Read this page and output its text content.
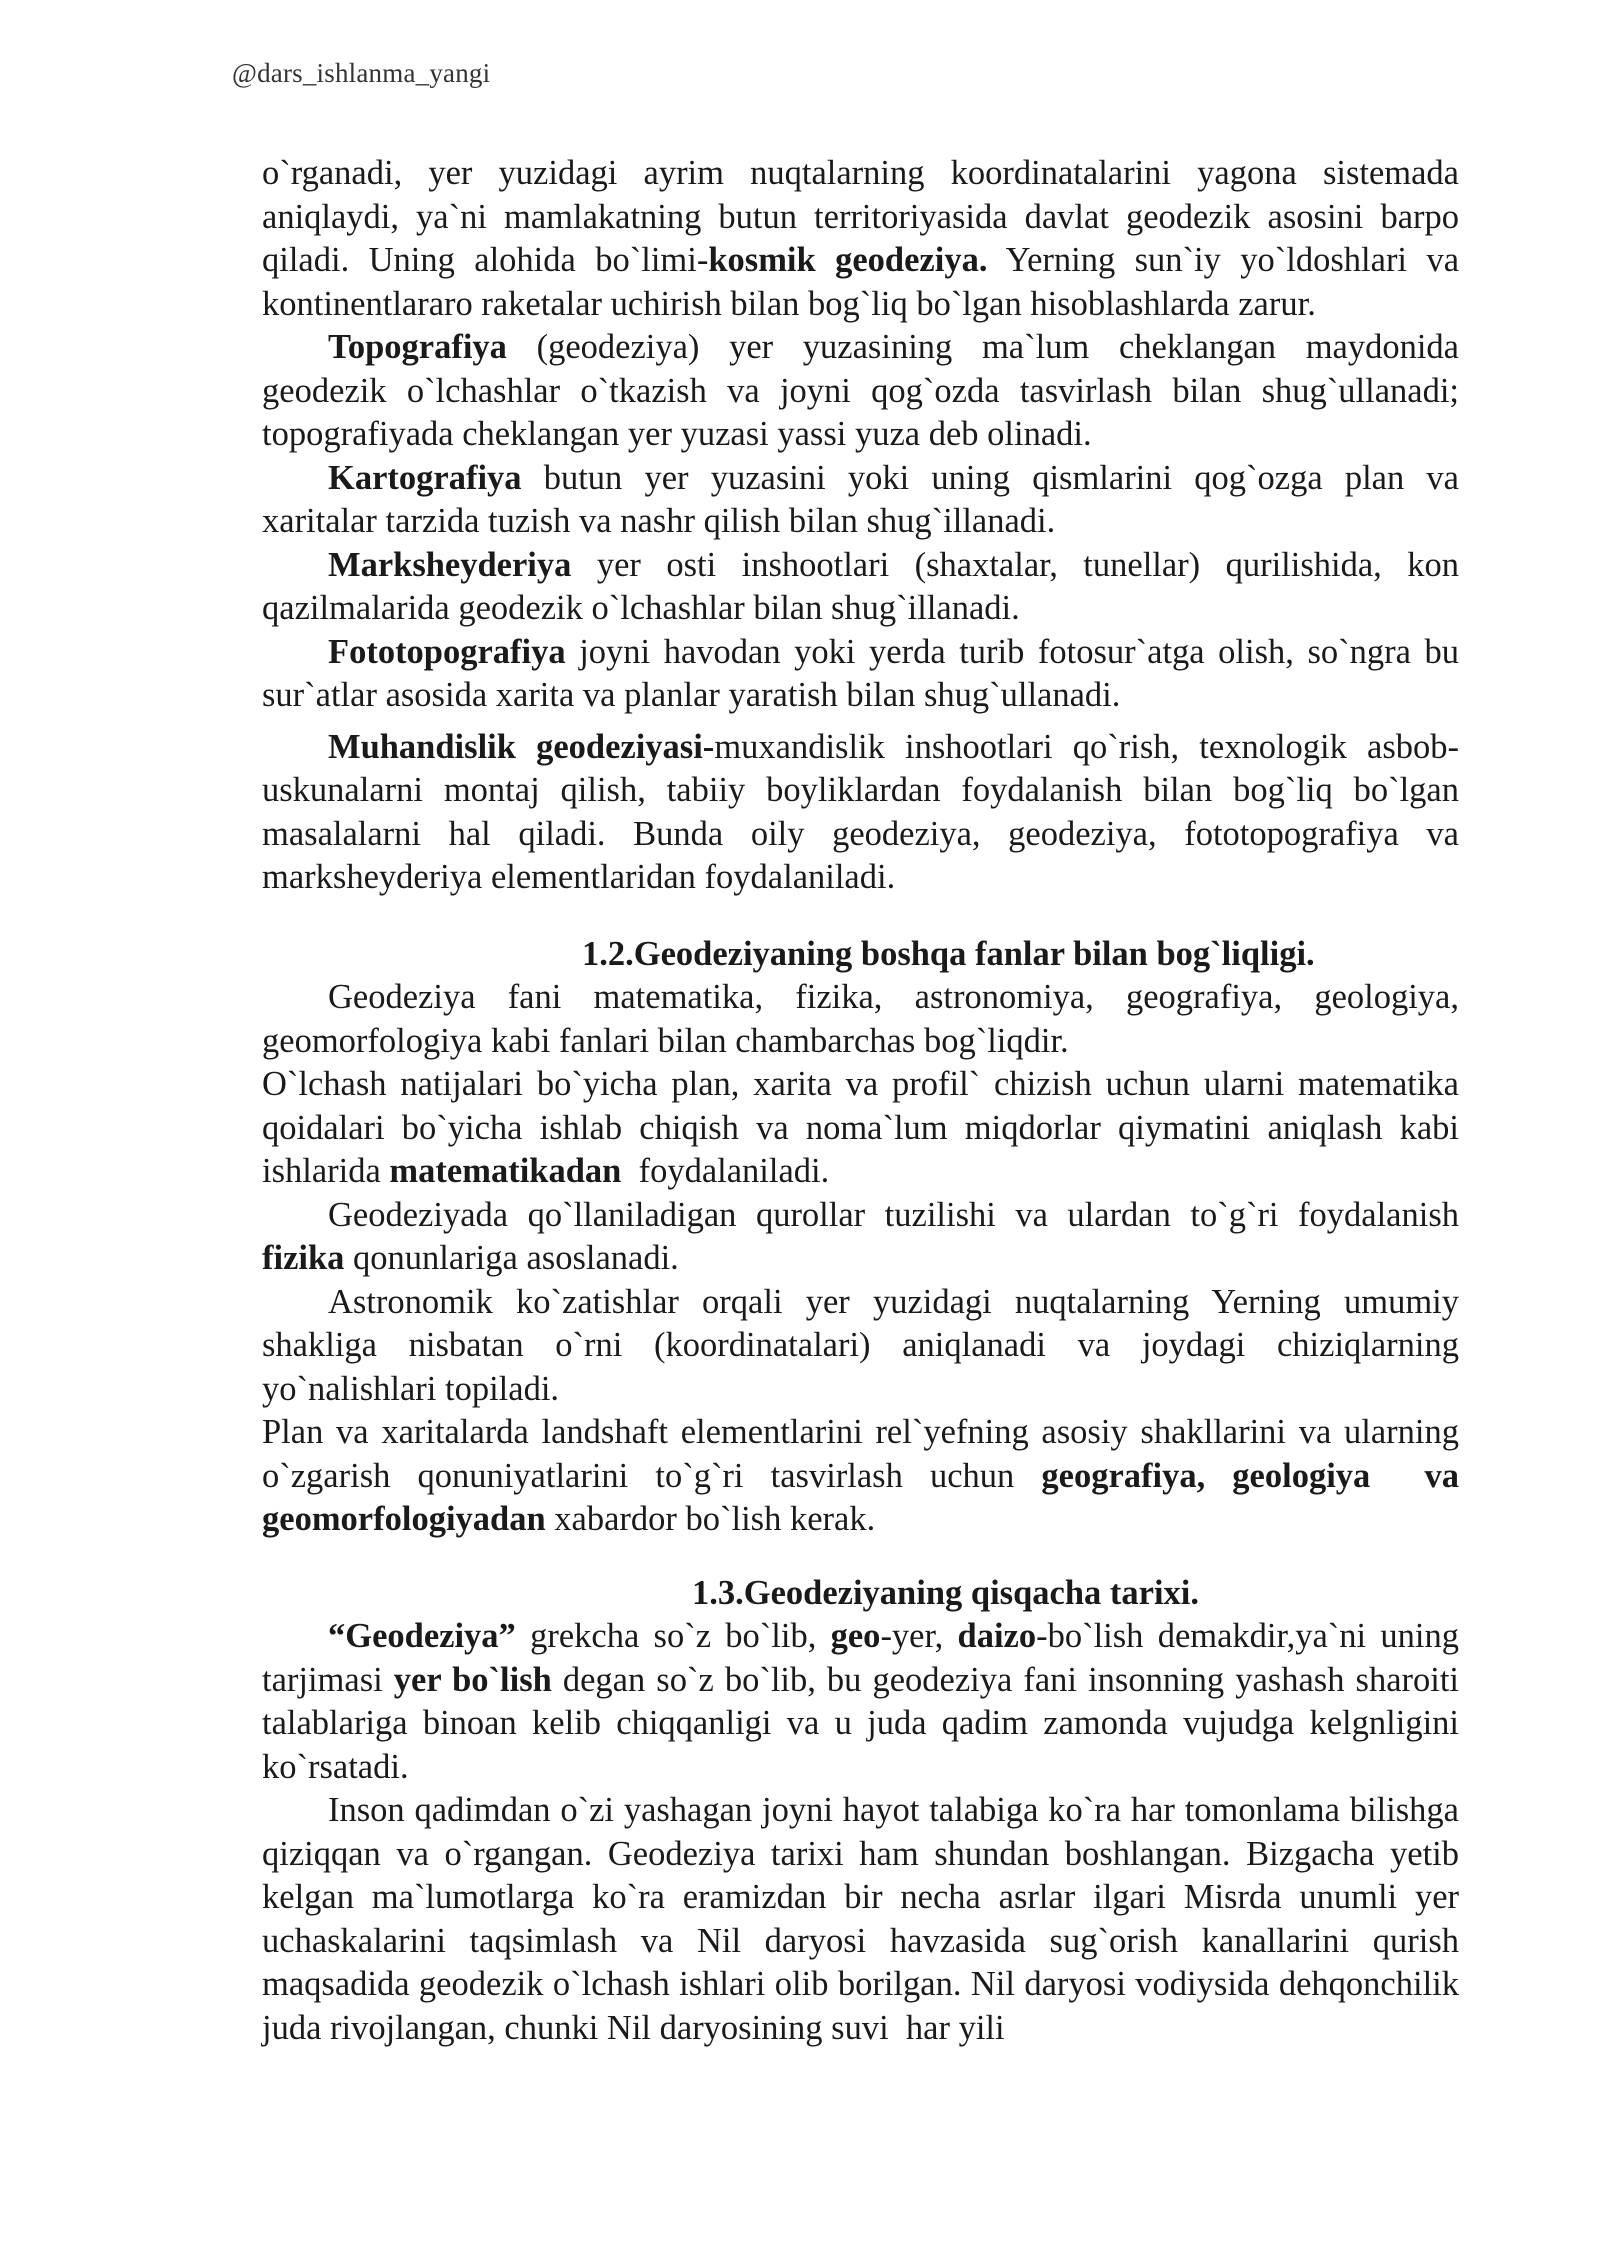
@dars_ishlanma_yangi

o`rganadi, yer yuzidagi ayrim nuqtalarning koordinatalarini yagona sistemada aniqlaydi, ya`ni mamlakatning butun territoriyasida davlat geodezik asosini barpo qiladi. Uning alohida bo`limi-kosmik geodeziya. Yerning sun`iy yo`ldoshlari va kontinentlararo raketalar uchirish bilan bog`liq bo`lgan hisoblashlarda zarur.

Topografiya (geodeziya) yer yuzasining ma`lum cheklangan maydonida geodezik o`lchashlar o`tkazish va joyni qog`ozda tasvirlash bilan shug`ullanadi; topografiyada cheklangan yer yuzasi yassi yuza deb olinadi.

Kartografiya butun yer yuzasini yoki uning qismlarini qog`ozga plan va xaritalar tarzida tuzish va nashr qilish bilan shug`illanadi.

Marksheyderiya yer osti inshootlari (shaxtalar, tunellar) qurilishida, kon qazilmalarida geodezik o`lchashlar bilan shug`illanadi.

Fototopografiya joyni havodan yoki yerda turib fotosur`atga olish, so`ngra bu sur`atlar asosida xarita va planlar yaratish bilan shug`ullanadi.

Muhandislik geodeziyasi-muxandislik inshootlari qo`rish, texnologik asbob-uskunalarni montaj qilish, tabiiy boyliklardan foydalanish bilan bog`liq bo`lgan masalalarni hal qiladi. Bunda oily geodeziya, geodeziya, fototopografiya va marksheyderiya elementlaridan foydalaniladi.

1.2.Geodeziyaning boshqa fanlar bilan bog`liqligi.

Geodeziya fani matematika, fizika, astronomiya, geografiya, geologiya, geomorfologiya kabi fanlari bilan chambarchas bog`liqdir.

O`lchash natijalari bo`yicha plan, xarita va profil` chizish uchun ularni matematika qoidalari bo`yicha ishlab chiqish va noma`lum miqdorlar qiymatini aniqlash kabi ishlarida matematikadan  foydalaniladi.

Geodeziyada qo`llaniladigan qurollar tuzilishi va ulardan to`g`ri foydalanish fizika qonunlariga asoslanadi.

Astronomik ko`zatishlar orqali yer yuzidagi nuqtalarning Yerning umumiy shakliga nisbatan o`rni (koordinatalari) aniqlanadi va joydagi chiziqlarning yo`nalishlari topiladi.

Plan va xaritalarda landshaft elementlarini rel`yefning asosiy shakllarini va ularning o`zgarish qonuniyatlarini to`g`ri tasvirlash uchun geografiya, geologiya  va geomorfologiyadan xabardor bo`lish kerak.

1.3.Geodeziyaning qisqacha tarixi.

“Geodeziya” grekcha so`z bo`lib, geo-yer, daizo-bo`lish demakdir,ya`ni uning tarjimasi yer bo`lish degan so`z bo`lib, bu geodeziya fani insonning yashash sharoiti talablariga binoan kelib chiqqanligi va u juda qadim zamonda vujudga kelgnligini ko`rsatadi.

Inson qadimdan o`zi yashagan joyni hayot talabiga ko`ra har tomonlama bilishga qiziqqan va o`rgangan. Geodeziya tarixi ham shundan boshlangan. Bizgacha yetib kelgan ma`lumotlarga ko`ra eramizdan bir necha asrlar ilgari Misrda unumli yer uchaskalarini taqsimlash va Nil daryosi havzasida sug`orish kanallarini qurish maqsadida geodezik o`lchash ishlari olib borilgan. Nil daryosi vodiysida dehqonchilik juda rivojlangan, chunki Nil daryosining suvi  har yili
